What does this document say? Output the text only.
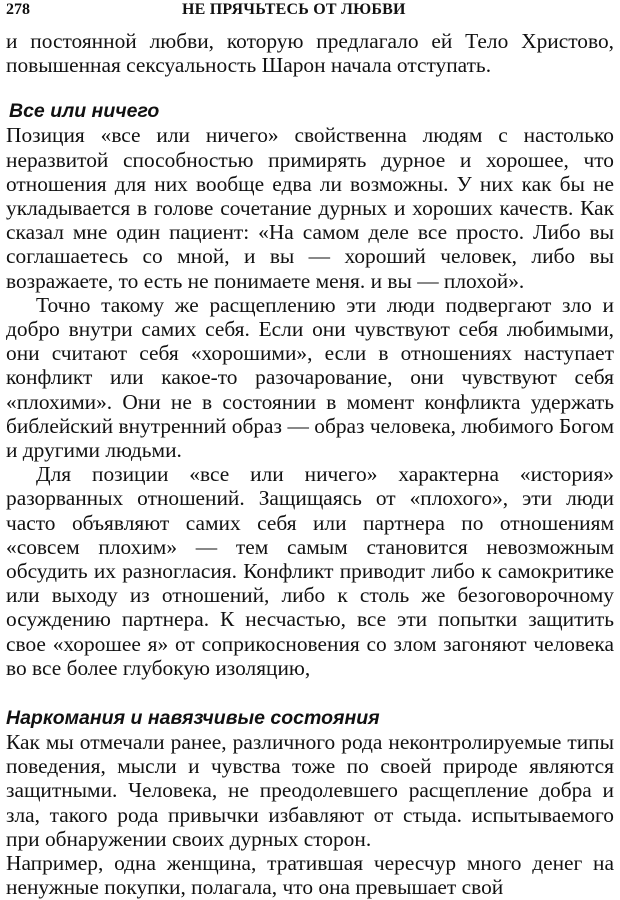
278	НЕ ПРЯЧЬТЕСЬ ОТ ЛЮБВИ

и постоянной любви, которую предлагало ей Тело Христово, повышенная сексуальность Шарон начала отступать.

Все или ничего

Позиция «все или ничего» свойственна людям с настолько неразвитой способностью примирять дурное и хорошее, что отношения для них вообще едва ли возможны. У них как бы не укладывается в голове сочетание дурных и хороших качеств. Как сказал мне один пациент: «На самом деле все просто. Либо вы соглашаетесь со мной, и вы — хороший человек, либо вы возражаете, то есть не понимаете меня. и вы — плохой».

Точно такому же расщеплению эти люди подвергают зло и добро внутри самих себя. Если они чувствуют себя любимыми, они считают себя «хорошими», если в отношениях наступает конфликт или какое-то разочарование, они чувствуют себя «плохими». Они не в состоянии в момент конфликта удержать библейский внутренний образ — образ человека, любимого Богом и другими людьми.

Для позиции «все или ничего» характерна «история» разорванных отношений. Защищаясь от «плохого», эти люди часто объявляют самих себя или партнера по отношениям «совсем плохим» — тем самым становится невозможным обсудить их разногласия. Конфликт приводит либо к самокритике или выходу из отношений, либо к столь же безоговорочному осуждению партнера. К несчастью, все эти попытки защитить свое «хорошее я» от соприкосновения со злом загоняют человека во все более глубокую изоляцию,

Наркомания и навязчивые состояния

Как мы отмечали ранее, различного рода неконтролируемые типы поведения, мысли и чувства тоже по своей природе являются защитными. Человека, не преодолевшего расщепление добра и зла, такого рода привычки избавляют от стыда. испытываемого при обнаружении своих дурных сторон.

Например, одна женщина, тратившая чересчур много денег на ненужные покупки, полагала, что она превышает свой
